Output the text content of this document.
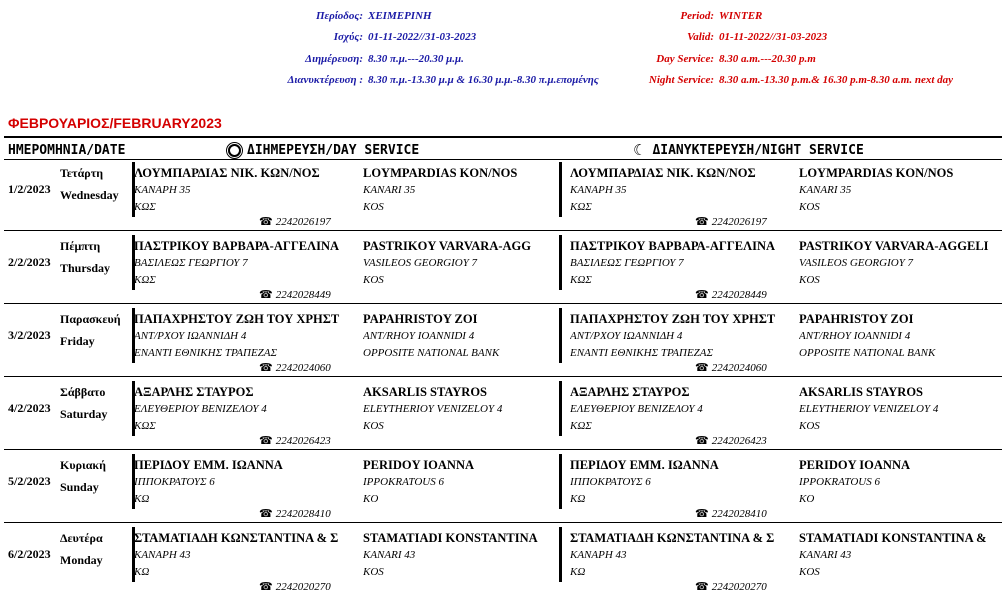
Περίοδος: ΧΕΙΜΕΡΙΝΗ
Ισχύς: 01-11-2022//31-03-2023
Διημέρευση: 8.30 π.μ.---20.30 μ.μ.
Διανυκτέρευση : 8.30 π.μ.-13.30 μ.μ & 16.30 μ.μ.-8.30 π.μ.επομένης
Period: WINTER
Valid: 01-11-2022//31-03-2023
Day Service: 8.30 a.m.---20.30 p.m
Night Service: 8.30 a.m.-13.30 p.m.& 16.30 p.m-8.30 a.m. next day
ΦΕΒΡΟΥΑΡΙΟΣ/FEBRUARY2023
ΗΜΕΡΟΜΗΝΙΑ/DATE	ΔΙΗΜΕΡΕΥΣΗ/DAY SERVICE	☾ ΔΙΑΝΥΚΤΕΡΕΥΣΗ/NIGHT SERVICE
1/2/2023
Τετάρτη
Wednesday
ΛΟΥΜΠΑΡΔΙΑΣ ΝΙΚ. ΚΩΝ/ΝΟΣ
ΚΑΝΑΡΗ 35
ΚΩΣ
LOYMPARDIAS KON/NOS
KANARI 35
KOS
☎ 2242026197
ΛΟΥΜΠΑΡΔΙΑΣ ΝΙΚ. ΚΩΝ/ΝΟΣ
ΚΑΝΑΡΗ 35
ΚΩΣ
LOYMPARDIAS KON/NOS
KANARI 35
KOS
☎ 2242026197
2/2/2023
Πέμπτη
Thursday
ΠΑΣΤΡΙΚΟΥ ΒΑΡΒΑΡΑ-ΑΓΓΕΛΙΝΑ
ΒΑΣΙΛΕΩΣ ΓΕΩΡΓΙΟΥ 7
ΚΩΣ
PASTRIKOY VARVARA-AGG
VASILEOS GEORGIOY 7
KOS
☎ 2242028449
ΠΑΣΤΡΙΚΟΥ ΒΑΡΒΑΡΑ-ΑΓΓΕΛΙΝΑ
ΒΑΣΙΛΕΩΣ ΓΕΩΡΓΙΟΥ 7
ΚΩΣ
PASTRIKOY VARVARA-AGGELI
VASILEOS GEORGIOY 7
KOS
☎ 2242028449
3/2/2023
Παρασκευή
Friday
ΠΑΠΑΧΡΗΣΤΟΥ ΖΩΗ ΤΟΥ ΧΡΗΣΤ
ΑΝΤ/ΡΧΟΥ ΙΩΑΝΝΙΔΗ 4
ΕΝΑΝΤΙ ΕΘΝΙΚΗΣ ΤΡΑΠΕΖΑΣ
PAPAHRISTOY ZOI
ANT/RHOY IOANNIDI 4
OPPOSITE NATIONAL BANK
☎ 2242024060
ΠΑΠΑΧΡΗΣΤΟΥ ΖΩΗ ΤΟΥ ΧΡΗΣΤ
ΑΝΤ/ΡΧΟΥ ΙΩΑΝΝΙΔΗ 4
ΕΝΑΝΤΙ ΕΘΝΙΚΗΣ ΤΡΑΠΕΖΑΣ
PAPAHRISTOY ZOI
ANT/RHOY IOANNIDI 4
OPPOSITE NATIONAL BANK
☎ 2242024060
4/2/2023
Σάββατο
Saturday
ΑΞΑΡΛΗΣ ΣΤΑΥΡΟΣ
ΕΛΕΥΘΕΡΙΟΥ ΒΕΝΙΖΕΛΟΥ 4
ΚΩΣ
AKSARLIS STAYROS
ELEYTHERIOY VENIZELOY 4
KOS
☎ 2242026423
ΑΞΑΡΛΗΣ ΣΤΑΥΡΟΣ
ΕΛΕΥΘΕΡΙΟΥ ΒΕΝΙΖΕΛΟΥ 4
ΚΩΣ
AKSARLIS STAYROS
ELEYTHERIOY VENIZELOY 4
KOS
☎ 2242026423
5/2/2023
Κυριακή
Sunday
ΠΕΡΙΔΟΥ ΕΜΜ. ΙΩΑΝΝΑ
ΙΠΠΟΚΡΑΤΟΥΣ 6
ΚΩ
PERIDOY IOANNA
IPPOKRATOUS 6
KO
☎ 2242028410
ΠΕΡΙΔΟΥ ΕΜΜ. ΙΩΑΝΝΑ
ΙΠΠΟΚΡΑΤΟΥΣ 6
ΚΩ
PERIDOY IOANNA
IPPOKRATOUS 6
KO
☎ 2242028410
6/2/2023
Δευτέρα
Monday
ΣΤΑΜΑΤΙΑΔΗ ΚΩΝΣΤΑΝΤΙΝΑ & Σ
ΚΑΝΑΡΗ 43
ΚΩ
STAMATIADI KONSTANTINA
KANARI 43
KOS
☎ 2242020270
ΣΤΑΜΑΤΙΑΔΗ ΚΩΝΣΤΑΝΤΙΝΑ & Σ
ΚΑΝΑΡΗ 43
ΚΩ
STAMATIADI KONSTANTINA &
KANARI 43
KOS
☎ 2242020270
